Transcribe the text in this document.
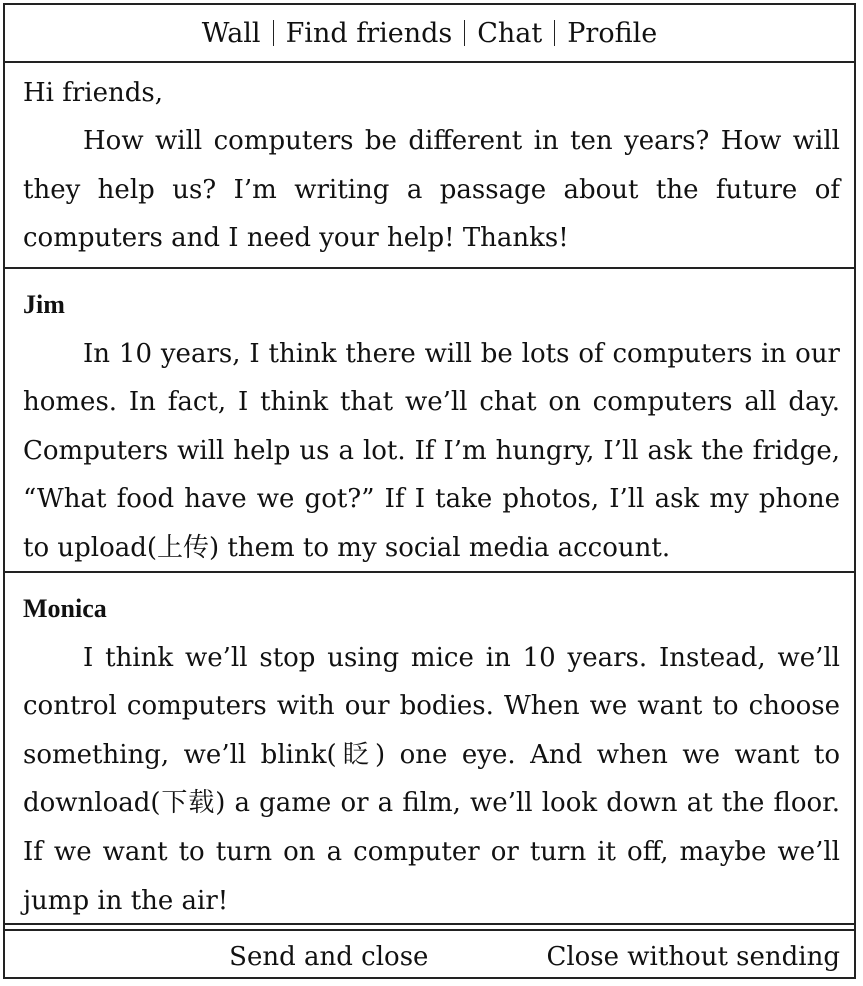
Wall Find friends Chat Profile

Hi friends,

How will computers be different in ten years? How will they help us? I’m writing a passage about the future of computers and I need your help! Thanks!

Jim

In 10 years, I think there will be lots of computers in our homes. In fact, I think that we’ll chat on computers all day. Computers will help us a lot. If I’m hungry, I’ll ask the fridge, “What food have we got?” If I take photos, I’ll ask my phone to upload(上传) them to my social media account.

Monica

I think we’ll stop using mice in 10 years. Instead, we’ll control computers with our bodies. When we want to choose something, we’ll blink(眨) one eye. And when we want to download(下载) a game or a film, we’ll look down at the floor. If we want to turn on a computer or turn it off, maybe we’ll jump in the air!

Send and close	Close without sending
